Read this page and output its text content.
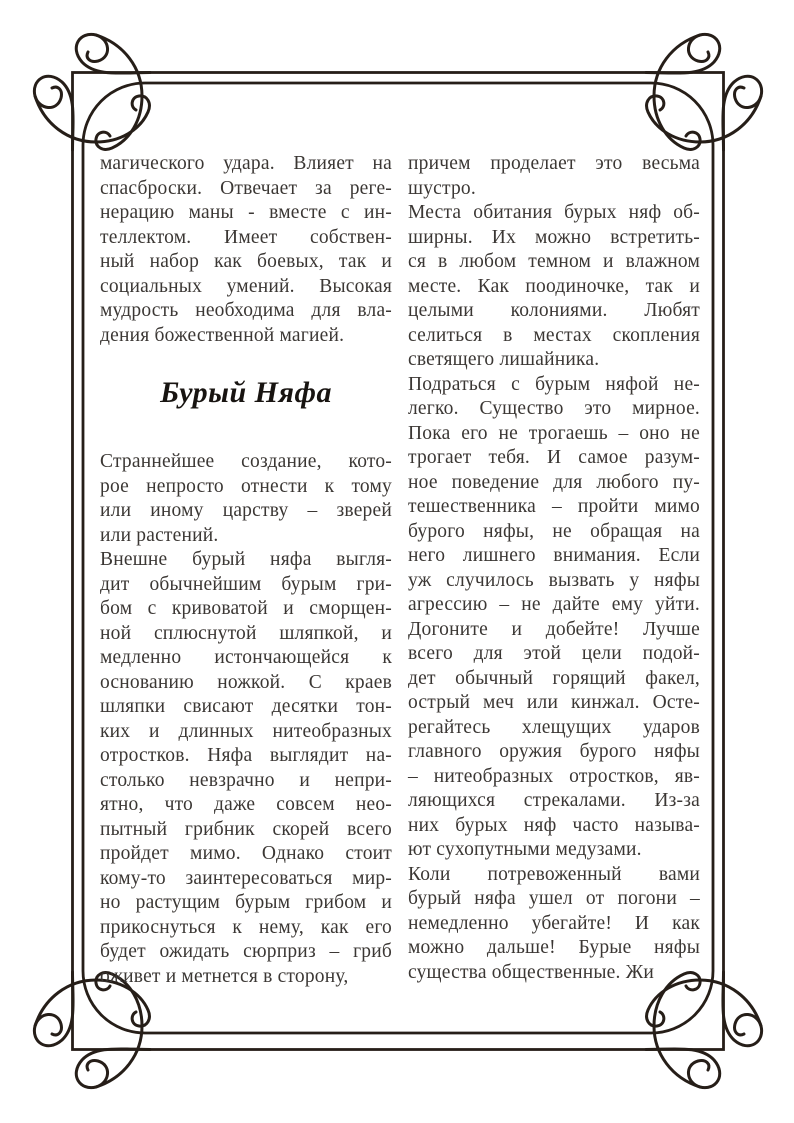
магического удара. Влияет на
спасброски. Отвечает за реге-
нерацию маны - вместе с ин-
теллектом. Имеет собствен-
ный набор как боевых, так и
социальных умений. Высокая
мудрость необходима для вла-
дения божественной магией.
Бурый Няфа
Страннейшее создание, кото-
рое непросто отнести к тому
или иному царству – зверей
или растений.
Внешне бурый няфа выгля-
дит обычнейшим бурым гри-
бом с кривоватой и сморщен-
ной сплюснутой шляпкой, и
медленно истончающейся к
основанию ножкой. С краев
шляпки свисают десятки тон-
ких и длинных нитеобразных
отростков. Няфа выглядит на-
столько невзрачно и непри-
ятно, что даже совсем нео-
пытный грибник скорей всего
пройдет мимо. Однако стоит
кому-то заинтересоваться мир-
но растущим бурым грибом и
прикоснуться к нему, как его
будет ожидать сюрприз – гриб
оживет и метнется в сторону,
причем проделает это весьма
шустро.
Места обитания бурых няф об-
ширны. Их можно встретить-
ся в любом темном и влажном
месте. Как поодиночке, так и
целыми колониями. Любят
селиться в местах скопления
светящего лишайника.
Подраться с бурым няфой не-
легко. Существо это мирное.
Пока его не трогаешь – оно не
трогает тебя. И самое разум-
ное поведение для любого пу-
тешественника – пройти мимо
бурого няфы, не обращая на
него лишнего внимания. Если
уж случилось вызвать у няфы
агрессию – не дайте ему уйти.
Догоните и добейте! Лучше
всего для этой цели подой-
дет обычный горящий факел,
острый меч или кинжал. Осте-
регайтесь хлещущих ударов
главного оружия бурого няфы
– нитеобразных отростков, яв-
ляющихся стрекалами. Из-за
них бурых няф часто называ-
ют сухопутными медузами.
Коли потревоженный вами
бурый няфа ушел от погони –
немедленно убегайте! И как
можно дальше! Бурые няфы
существа общественные. Жи
